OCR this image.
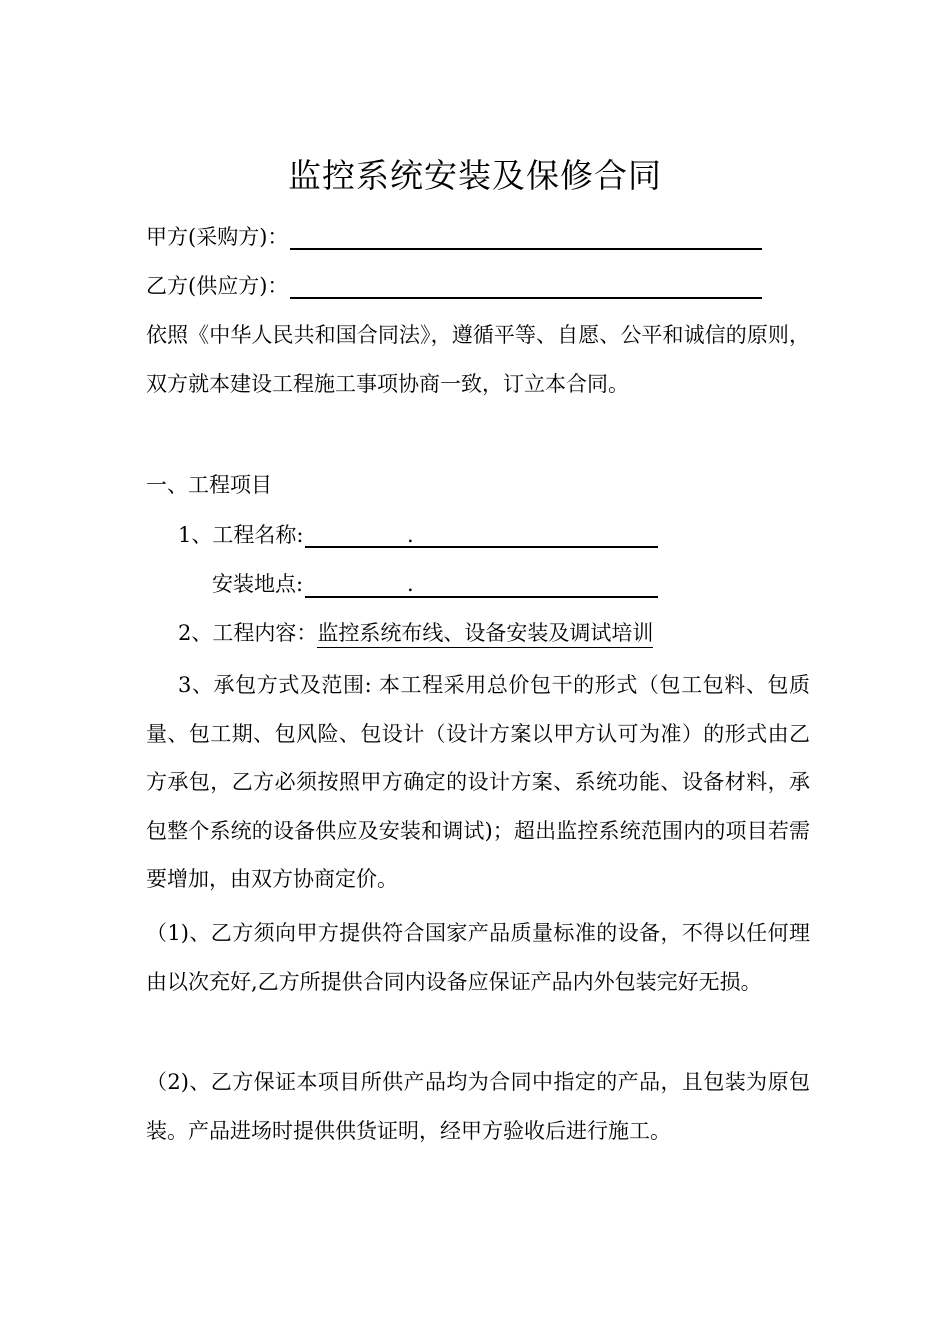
监控系统安装及保修合同
甲方(采购方)：
乙方(供应方)：
依照《中华人民共和国合同法》，遵循平等、自愿、公平和诚信的原则，双方就本建设工程施工事项协商一致，订立本合同。
一、工程项目
1、工程名称:	.
安装地点:	.
2、工程内容：监控系统布线、设备安装及调试培训
3、承包方式及范围: 本工程采用总价包干的形式（包工包料、包质量、包工期、包风险、包设计（设计方案以甲方认可为准）的形式由乙方承包，乙方必须按照甲方确定的设计方案、系统功能、设备材料，承包整个系统的设备供应及安装和调试)；超出监控系统范围内的项目若需要增加，由双方协商定价。
（1)、乙方须向甲方提供符合国家产品质量标准的设备，不得以任何理由以次充好,乙方所提供合同内设备应保证产品内外包装完好无损。
（2)、乙方保证本项目所供产品均为合同中指定的产品，且包装为原包装。产品进场时提供供货证明，经甲方验收后进行施工。
